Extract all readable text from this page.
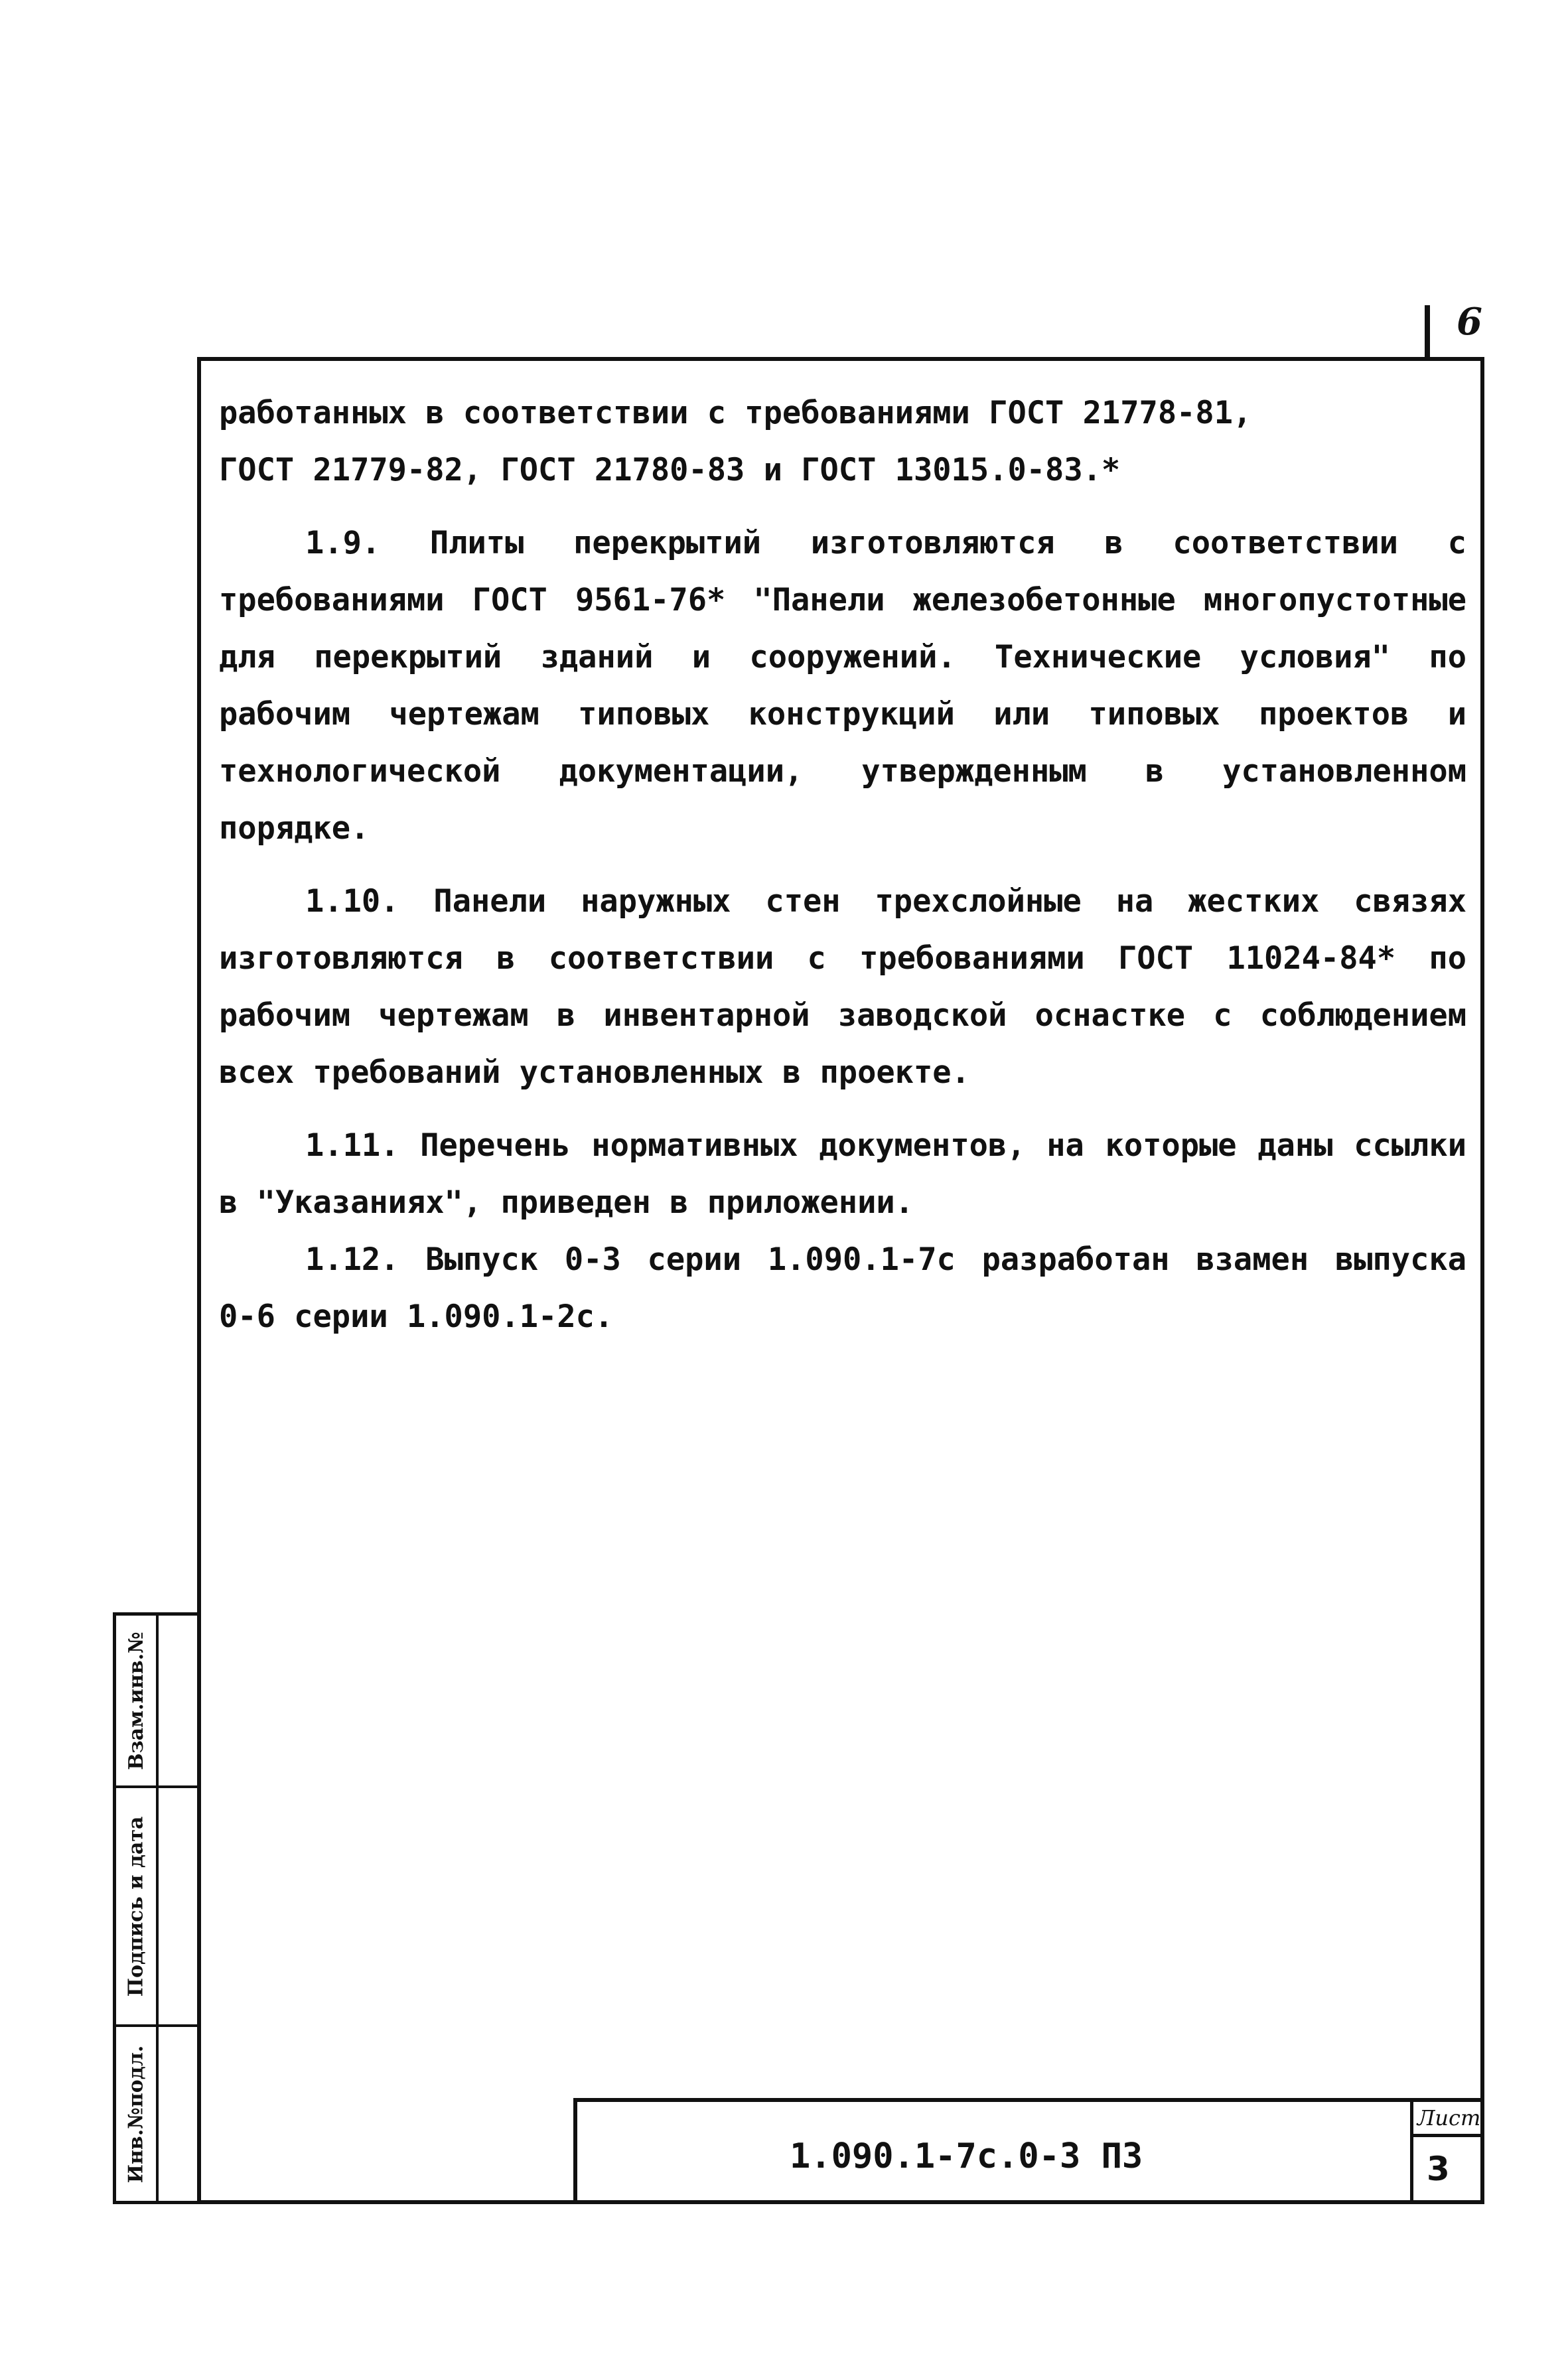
6

работанных в соответствии с требованиями ГОСТ 21778-81,

ГОСТ 21779-82, ГОСТ 21780-83 и ГОСТ 13015.0-83.*

1.9. Плиты перекрытий изготовляются в соответствии с требованиями ГОСТ 9561-76* "Панели железобетонные многопустотные для перекрытий зданий и сооружений. Технические условия" по рабочим чертежам типовых конструкций или типовых проектов и технологической документации, утвержденным в установленном порядке.

1.10. Панели наружных стен трехслойные на жестких связях изготовляются в соответствии с требованиями ГОСТ 11024-84* по рабочим чертежам в инвентарной заводской оснастке с соблюдением всех требований установленных в проекте.

1.11. Перечень нормативных документов, на которые даны ссылки в "Указаниях", приведен в приложении.

1.12. Выпуск 0-3 серии 1.090.1-7с разработан взамен выпуска 0-6 серии 1.090.1-2с.

Взам.инв.№
Подпись и дата
Инв.№подл.	1.090.1-7с.0-3 ПЗ
Лист
3
